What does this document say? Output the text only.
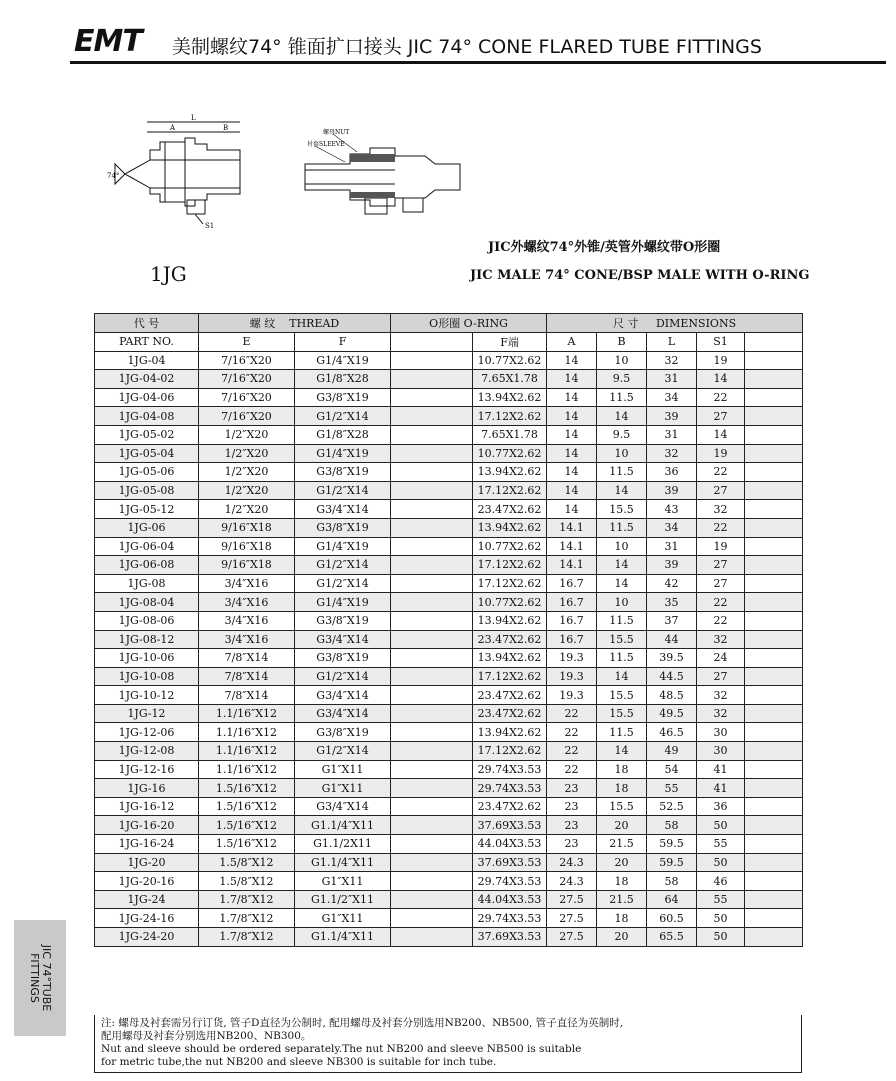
EMT 美制螺纹74° 锥面扩口接头 JIC 74° CONE FLARED TUBE FITTINGS
74°
L
A	B
S1
螺母NUT
衬套SLEEVE
1JG
JIC外螺纹74°外锥/英管外螺纹带O形圈
JIC MALE 74° CONE/BSP MALE WITH O-RING
代 号	螺 纹 THREAD		O形圈 O-RING		尺 寸 DIMENSIONS				
PART NO.	E	F		F端	A	B	L	S1	
1JG-04	7/16″X20	G1/4″X19		10.77X2.62	14	10	32	19	
1JG-04-02	7/16″X20	G1/8″X28		7.65X1.78	14	9.5	31	14	
1JG-04-06	7/16″X20	G3/8″X19		13.94X2.62	14	11.5	34	22	
1JG-04-08	7/16″X20	G1/2″X14		17.12X2.62	14	14	39	27	
1JG-05-02	1/2″X20	G1/8″X28		7.65X1.78	14	9.5	31	14	
1JG-05-04	1/2″X20	G1/4″X19		10.77X2.62	14	10	32	19	
1JG-05-06	1/2″X20	G3/8″X19		13.94X2.62	14	11.5	36	22	
1JG-05-08	1/2″X20	G1/2″X14		17.12X2.62	14	14	39	27	
1JG-05-12	1/2″X20	G3/4″X14		23.47X2.62	14	15.5	43	32	
1JG-06	9/16″X18	G3/8″X19		13.94X2.62	14.1	11.5	34	22	
1JG-06-04	9/16″X18	G1/4″X19		10.77X2.62	14.1	10	31	19	
1JG-06-08	9/16″X18	G1/2″X14		17.12X2.62	14.1	14	39	27	
1JG-08	3/4″X16	G1/2″X14		17.12X2.62	16.7	14	42	27	
1JG-08-04	3/4″X16	G1/4″X19		10.77X2.62	16.7	10	35	22	
1JG-08-06	3/4″X16	G3/8″X19		13.94X2.62	16.7	11.5	37	22	
1JG-08-12	3/4″X16	G3/4″X14		23.47X2.62	16.7	15.5	44	32	
1JG-10-06	7/8″X14	G3/8″X19		13.94X2.62	19.3	11.5	39.5	24	
1JG-10-08	7/8″X14	G1/2″X14		17.12X2.62	19.3	14	44.5	27	
1JG-10-12	7/8″X14	G3/4″X14		23.47X2.62	19.3	15.5	48.5	32	
1JG-12	1.1/16″X12	G3/4″X14		23.47X2.62	22	15.5	49.5	32	
1JG-12-06	1.1/16″X12	G3/8″X19		13.94X2.62	22	11.5	46.5	30	
1JG-12-08	1.1/16″X12	G1/2″X14		17.12X2.62	22	14	49	30	
1JG-12-16	1.1/16″X12	G1″X11		29.74X3.53	22	18	54	41	
1JG-16	1.5/16″X12	G1″X11		29.74X3.53	23	18	55	41	
1JG-16-12	1.5/16″X12	G3/4″X14		23.47X2.62	23	15.5	52.5	36	
1JG-16-20	1.5/16″X12	G1.1/4″X11		37.69X3.53	23	20	58	50	
1JG-16-24	1.5/16″X12	G1.1/2X11		44.04X3.53	23	21.5	59.5	55	
1JG-20	1.5/8″X12	G1.1/4″X11		37.69X3.53	24.3	20	59.5	50	
1JG-20-16	1.5/8″X12	G1″X11		29.74X3.53	24.3	18	58	46	
1JG-24	1.7/8″X12	G1.1/2″X11		44.04X3.53	27.5	21.5	64	55	
1JG-24-16	1.7/8″X12	G1″X11		29.74X3.53	27.5	18	60.5	50	
1JG-24-20	1.7/8″X12	G1.1/4″X11		37.69X3.53	27.5	20	65.5	50	

注: 螺母及衬套需另行订货, 管子D直径为公制时, 配用螺母及衬套分别选用NB200、NB500, 管子直径为英制时,

配用螺母及衬套分别选用NB200、NB300。

Nut and sleeve should be ordered separately.The nut NB200 and sleeve NB500 is suitable

for metric tube,the nut NB200 and sleeve NB300 is suitable for inch tube.

JIC 74°TUBE
FITTINGS
